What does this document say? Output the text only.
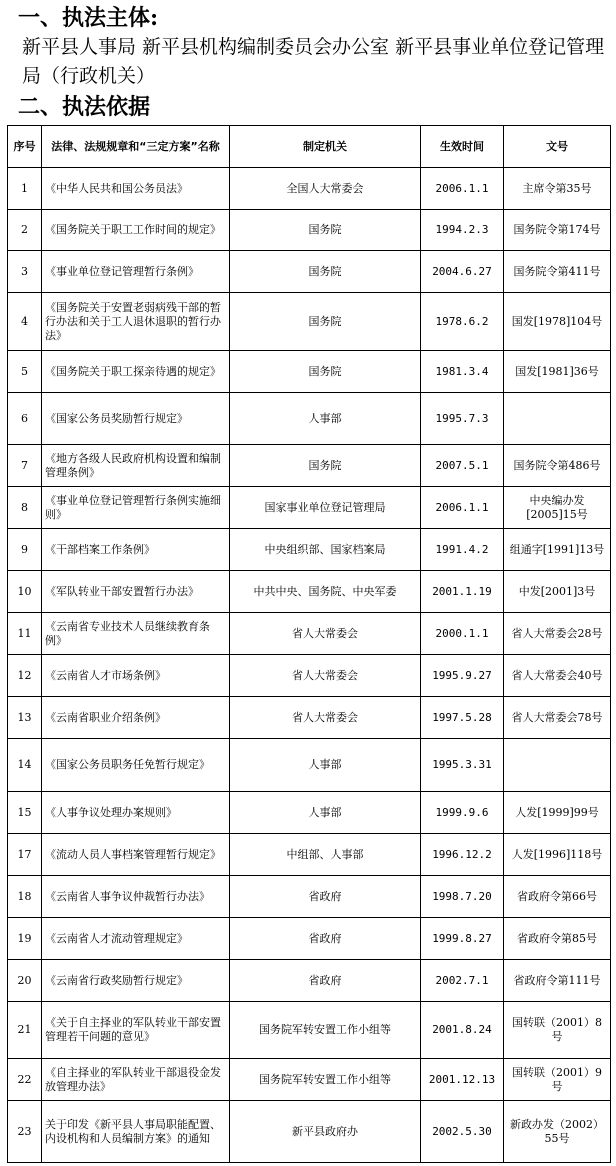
一、执法主体:
新平县人事局 新平县机构编制委员会办公室 新平县事业单位登记管理局（行政机关）
二、执法依据
序号	法律、法规规章和“三定方案”名称	制定机关	生效时间	文号
1	《中华人民共和国公务员法》	全国人大常委会	2006.1.1	主席令第35号
2	《国务院关于职工工作时间的规定》	国务院	1994.2.3	国务院令第174号
3	《事业单位登记管理暂行条例》	国务院	2004.6.27	国务院令第411号
4	《国务院关于安置老弱病残干部的暂行办法和关于工人退休退职的暂行办法》	国务院	1978.6.2	国发[1978]104号
5	《国务院关于职工探亲待遇的规定》	国务院	1981.3.4	国发[1981]36号
6	《国家公务员奖励暂行规定》	人事部	1995.7.3	
7	《地方各级人民政府机构设置和编制管理条例》	国务院	2007.5.1	国务院令第486号
8	《事业单位登记管理暂行条例实施细则》	国家事业单位登记管理局	2006.1.1	中央编办发[2005]15号
9	《干部档案工作条例》	中央组织部、国家档案局	1991.4.2	组通字[1991]13号
10	《军队转业干部安置暂行办法》	中共中央、国务院、中央军委	2001.1.19	中发[2001]3号
11	《云南省专业技术人员继续教育条例》	省人大常委会	2000.1.1	省人大常委会28号
12	《云南省人才市场条例》	省人大常委会	1995.9.27	省人大常委会40号
13	《云南省职业介绍条例》	省人大常委会	1997.5.28	省人大常委会78号
14	《国家公务员职务任免暂行规定》	人事部	1995.3.31	
15	《人事争议处理办案规则》	人事部	1999.9.6	人发[1999]99号
17	《流动人员人事档案管理暂行规定》	中组部、人事部	1996.12.2	人发[1996]118号
18	《云南省人事争议仲裁暂行办法》	省政府	1998.7.20	省政府令第66号
19	《云南省人才流动管理规定》	省政府	1999.8.27	省政府令第85号
20	《云南省行政奖励暂行规定》	省政府	2002.7.1	省政府令第111号
21	《关于自主择业的军队转业干部安置管理若干问题的意见》	国务院军转安置工作小组等	2001.8.24	国转联（2001）8号
22	《自主择业的军队转业干部退役金发放管理办法》	国务院军转安置工作小组等	2001.12.13	国转联（2001）9号
23	关于印发《新平县人事局职能配置、内设机构和人员编制方案》的通知	新平县政府办	2002.5.30	新政办发（2002）55号
